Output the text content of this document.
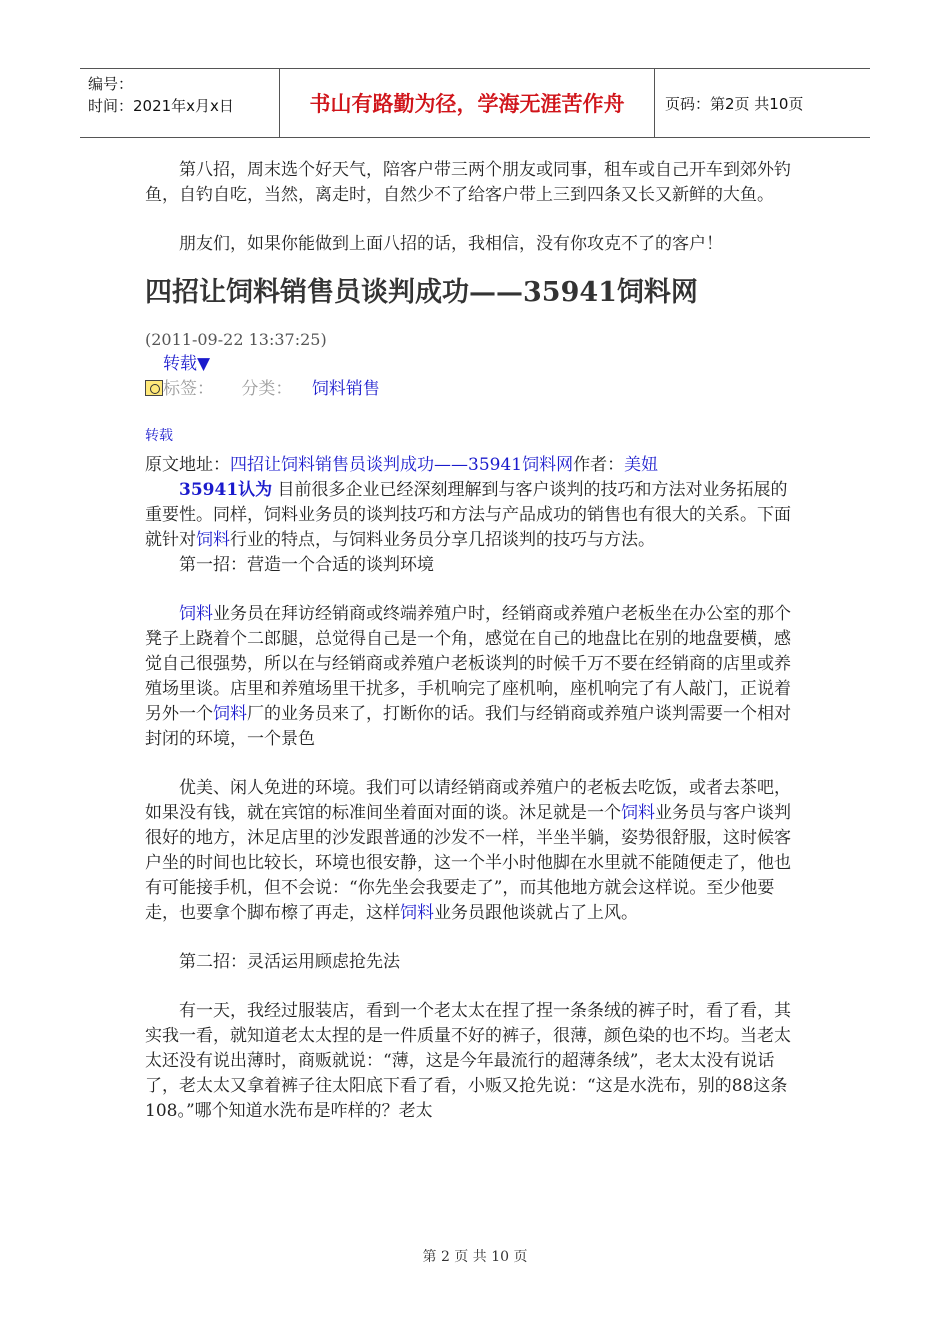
编号：
时间：2021年x月x日	书山有路勤为径，学海无涯苦作舟	页码：第2页 共10页

第八招，周末选个好天气，陪客户带三两个朋友或同事，租车或自己开车到郊外钓鱼，自钓自吃，当然，离走时，自然少不了给客户带上三到四条又长又新鲜的大鱼。

朋友们，如果你能做到上面八招的话，我相信，没有你攻克不了的客户！

四招让饲料销售员谈判成功——35941饲料网
(2011-09-22 13:37:25)
转载▼
标签： 分类： 饲料销售
转载

原文地址：四招让饲料销售员谈判成功——35941饲料网作者：美妞

35941认为 目前很多企业已经深刻理解到与客户谈判的技巧和方法对业务拓展的重要性。同样，饲料业务员的谈判技巧和方法与产品成功的销售也有很大的关系。下面就针对饲料行业的特点，与饲料业务员分享几招谈判的技巧与方法。

第一招：营造一个合适的谈判环境

饲料业务员在拜访经销商或终端养殖户时，经销商或养殖户老板坐在办公室的那个凳子上跷着个二郎腿，总觉得自己是一个角，感觉在自己的地盘比在别的地盘要横，感觉自己很强势，所以在与经销商或养殖户老板谈判的时候千万不要在经销商的店里或养殖场里谈。店里和养殖场里干扰多，手机响完了座机响，座机响完了有人敲门，正说着另外一个饲料厂的业务员来了，打断你的话。我们与经销商或养殖户谈判需要一个相对封闭的环境，一个景色

优美、闲人免进的环境。我们可以请经销商或养殖户的老板去吃饭，或者去茶吧，如果没有钱，就在宾馆的标准间坐着面对面的谈。沐足就是一个饲料业务员与客户谈判很好的地方，沐足店里的沙发跟普通的沙发不一样，半坐半躺，姿势很舒服，这时候客户坐的时间也比较长，环境也很安静，这一个半小时他脚在水里就不能随便走了，他也有可能接手机，但不会说：“你先坐会我要走了”，而其他地方就会这样说。至少他要走，也要拿个脚布檫了再走，这样饲料业务员跟他谈就占了上风。

第二招：灵活运用顾虑抢先法

有一天，我经过服装店，看到一个老太太在捏了捏一条条绒的裤子时，看了看，其实我一看，就知道老太太捏的是一件质量不好的裤子，很薄，颜色染的也不均。当老太太还没有说出薄时，商贩就说：“薄，这是今年最流行的超薄条绒”，老太太没有说话了，老太太又拿着裤子往太阳底下看了看，小贩又抢先说：“这是水洗布，别的88这条108。”哪个知道水洗布是咋样的？老太

第 2 页 共 10 页
